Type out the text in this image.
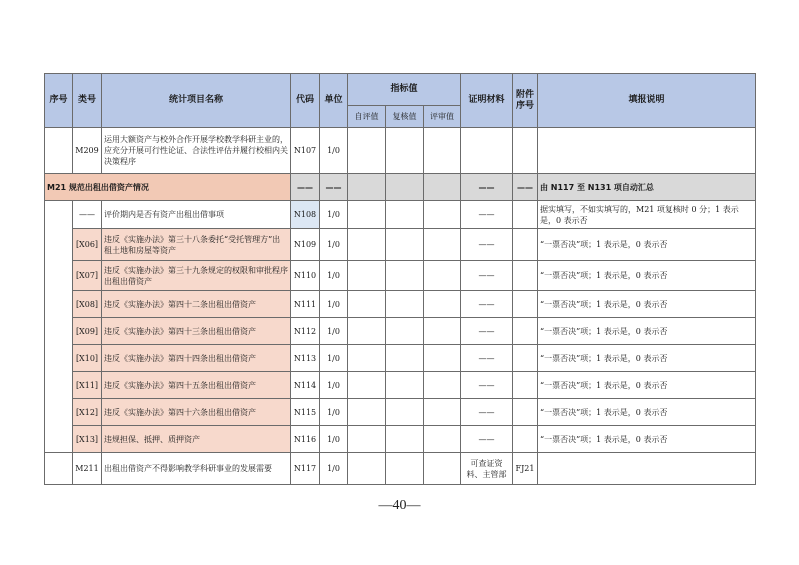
序号	类号	统计项目名称	代码	单位	指标值			证明材料	附件序号	填报说明
					自评值	复核值	评审值			
	M209	运用大额资产与校外合作开展学校教学科研主业的，应充分开展可行性论证、合法性评估并履行校相内关决策程序	N107	1/0						
M21 规范出租出借资产情况			——	——				——	——	由 N117 至 N131 项自动汇总
	——	评价期内是否有资产出租出借事项	N108	1/0				——		据实填写，不如实填写的，M21 项复核时 0 分；1 表示是，0 表示否
	[X06]	违反《实施办法》第三十八条委托“受托管理方”出租土地和房屋等资产	N109	1/0				——		“一票否决”项；1 表示是，0 表示否
	[X07]	违反《实施办法》第三十九条规定的权限和审批程序出租出借资产	N110	1/0				——		“一票否决”项；1 表示是，0 表示否
	[X08]	违反《实施办法》第四十二条出租出借资产	N111	1/0				——		“一票否决”项；1 表示是，0 表示否
	[X09]	违反《实施办法》第四十三条出租出借资产	N112	1/0				——		“一票否决”项；1 表示是，0 表示否
	[X10]	违反《实施办法》第四十四条出租出借资产	N113	1/0				——		“一票否决”项；1 表示是，0 表示否
	[X11]	违反《实施办法》第四十五条出租出借资产	N114	1/0				——		“一票否决”项；1 表示是，0 表示否
	[X12]	违反《实施办法》第四十六条出租出借资产	N115	1/0				——		“一票否决”项；1 表示是，0 表示否
	[X13]	违规担保、抵押、质押资产	N116	1/0				——		“一票否决”项；1 表示是，0 表示否
	M211	出租出借资产不得影响教学科研事业的发展需要	N117	1/0				可查证资料、主管部	FJ21	
—40—
